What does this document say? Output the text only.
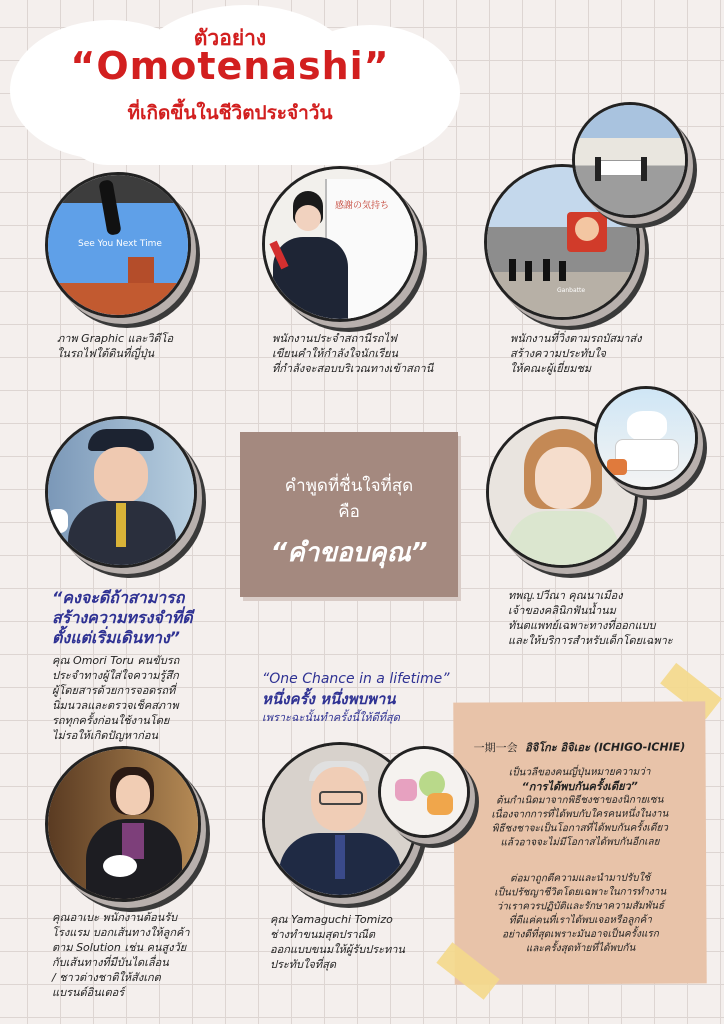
ตัวอย่าง
“Omotenashi”
ที่เกิดขึ้นในชีวิตประจำวัน
See You Next Time
ภาพ Graphic และวิดีโอ
ในรถไฟใต้ดินที่ญี่ปุ่น
感謝の気持ち
พนักงานประจำสถานีรถไฟ
เขียนคำให้กำลังใจนักเรียน
ที่กำลังจะสอบบริเวณทางเข้าสถานี
Ganbatte
พนักงานที่วิ่งตามรถบัสมาส่ง
สร้างความประทับใจ
ให้คณะผู้เยี่ยมชม
“คงจะดีถ้าสามารถ
สร้างความทรงจำที่ดี
ตั้งแต่เริ่มเดินทาง”
คุณ Omori Toru คนขับรถ
ประจำทางผู้ใส่ใจความรู้สึก
ผู้โดยสารด้วยการจอดรถที่
นิ่มนวลและตรวจเช็คสภาพ
รถทุกครั้งก่อนใช้งานโดย
ไม่รอให้เกิดปัญหาก่อน
คำพูดที่ชื่นใจที่สุด
คือ
“คำขอบคุณ”
ทพญ.ปวีณา คุณนาเมือง
เจ้าของคลินิกฟันน้ำนม
ทันตแพทย์เฉพาะทางที่ออกแบบ
และให้บริการสำหรับเด็กโดยเฉพาะ
“One Chance in a lifetime”
หนึ่งครั้ง หนึ่งพบพาน
เพราะฉะนั้นทำครั้งนี้ให้ดีที่สุด
一期一会 อิจิโกะ อิจิเอะ (ICHIGO-ICHIE)
เป็นวลีของคนญี่ปุ่นหมายความว่า
“การได้พบกันครั้งเดียว”
ต้นกำเนิดมาจากพิธีชงชาของนิกายเซน
เนื่องจากการที่ได้พบกับใครคนหนึ่งในงาน
พิธีชงชาจะเป็นโอกาสที่ได้พบกันครั้งเดียว
แล้วอาจจะไม่มีโอกาสได้พบกันอีกเลย
ต่อมาถูกตีความและนำมาปรับใช้
เป็นปรัชญาชีวิตโดยเฉพาะในการทำงาน
ว่าเราควรปฏิบัติและรักษาความสัมพันธ์
ที่ดีแค่คนที่เราได้พบเจอหรือลูกค้า
อย่างดีที่สุดเพราะมันอาจเป็นครั้งแรก
และครั้งสุดท้ายที่ได้พบกัน
คุณอาเบะ พนักงานต้อนรับ
โรงแรม บอกเส้นทางให้ลูกค้า
ตาม Solution เช่น คนสูงวัย
กับเส้นทางที่มีบันไดเลื่อน
/ ชาวต่างชาติให้สังเกต
แบรนด์อินเตอร์
คุณ Yamaguchi Tomizo
ช่างทำขนมสุดปราณีต
ออกแบบขนมให้ผู้รับประทาน
ประทับใจที่สุด
